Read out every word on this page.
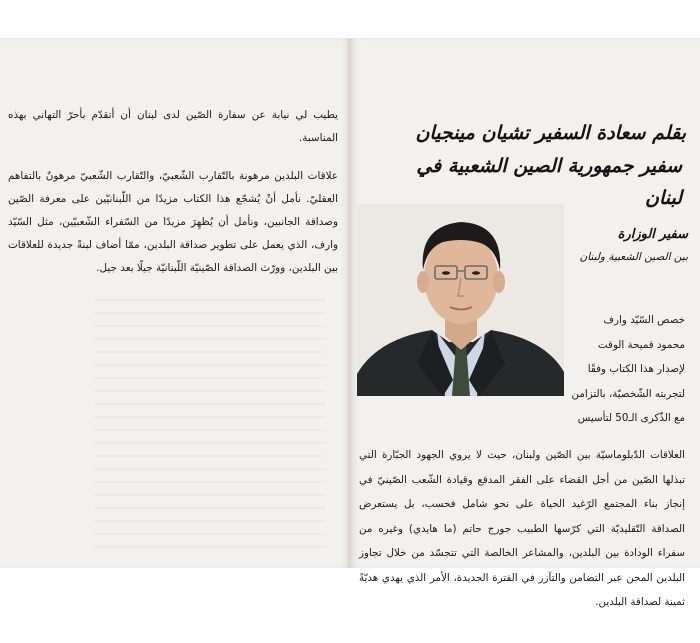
يطيب لي نيابة عن سفارة الصّين لدى لبنان أن أتقدّم بأحرّ التهاني بهذه المناسبة.

علاقات البلدين مرهونة بالتّقارب الشّعبيّ، والتّقارب الشّعبيّ مرهونٌ بالتفاهم العقليّ. نأمل أنْ يُشجّع هذا الكتاب مزيدًا من اللّبنانيّين على معرفة الصّين وصداقة الجانبين، ونأمل أن يُظهِرَ مزيدًا من السّفراء الشّعبيّين، مثل السّيّد وارف، الذي يعمل على تطوير صداقة البلدين، ممّا أضاف لبنةً جديدة للعلاقات بين البلدين، وورّث الصداقة الصّينيّة اللّبنانيّة جيلًا بعد جيل.

بقلم سعادة السفير تشيان مينجيان
سفير جمهورية الصين الشعبية في لبنان
سفير الوزارة
بين الصين الشعبية ولبنان

خصص السّيّد وارف

محمود قميحة الوقت

لإصدار هذا الكتاب وفقًا

لتجربته الشّخصيّة، بالتزامن

مع الذّكرى الـ50 لتأسيس

العلاقات الدّبلوماسيّة بين الصّين ولبنان، حيث لا يروي الجهود الجبّارة التي تبذلها الصّين من أجل القضاء على الفقر المدقع وقيادة الشّعب الصّينيّ في إنجاز بناء المجتمع الرّغيد الحياة على نحو شامل فحسب، بل يستعرض الصداقة التّقليديّة التي كرّسها الطبيب جورج حاتم (ما هايدي) وغيره من سفراء الودادة بين البلدين، والمشاعر الخالصة التي تتجسّد من خلال تجاوز البلدين المحن عبر التضامن والتآزر في الفترة الجديدة، الأمر الذي يهدي هديّةً ثمينة لصداقة البلدين.
